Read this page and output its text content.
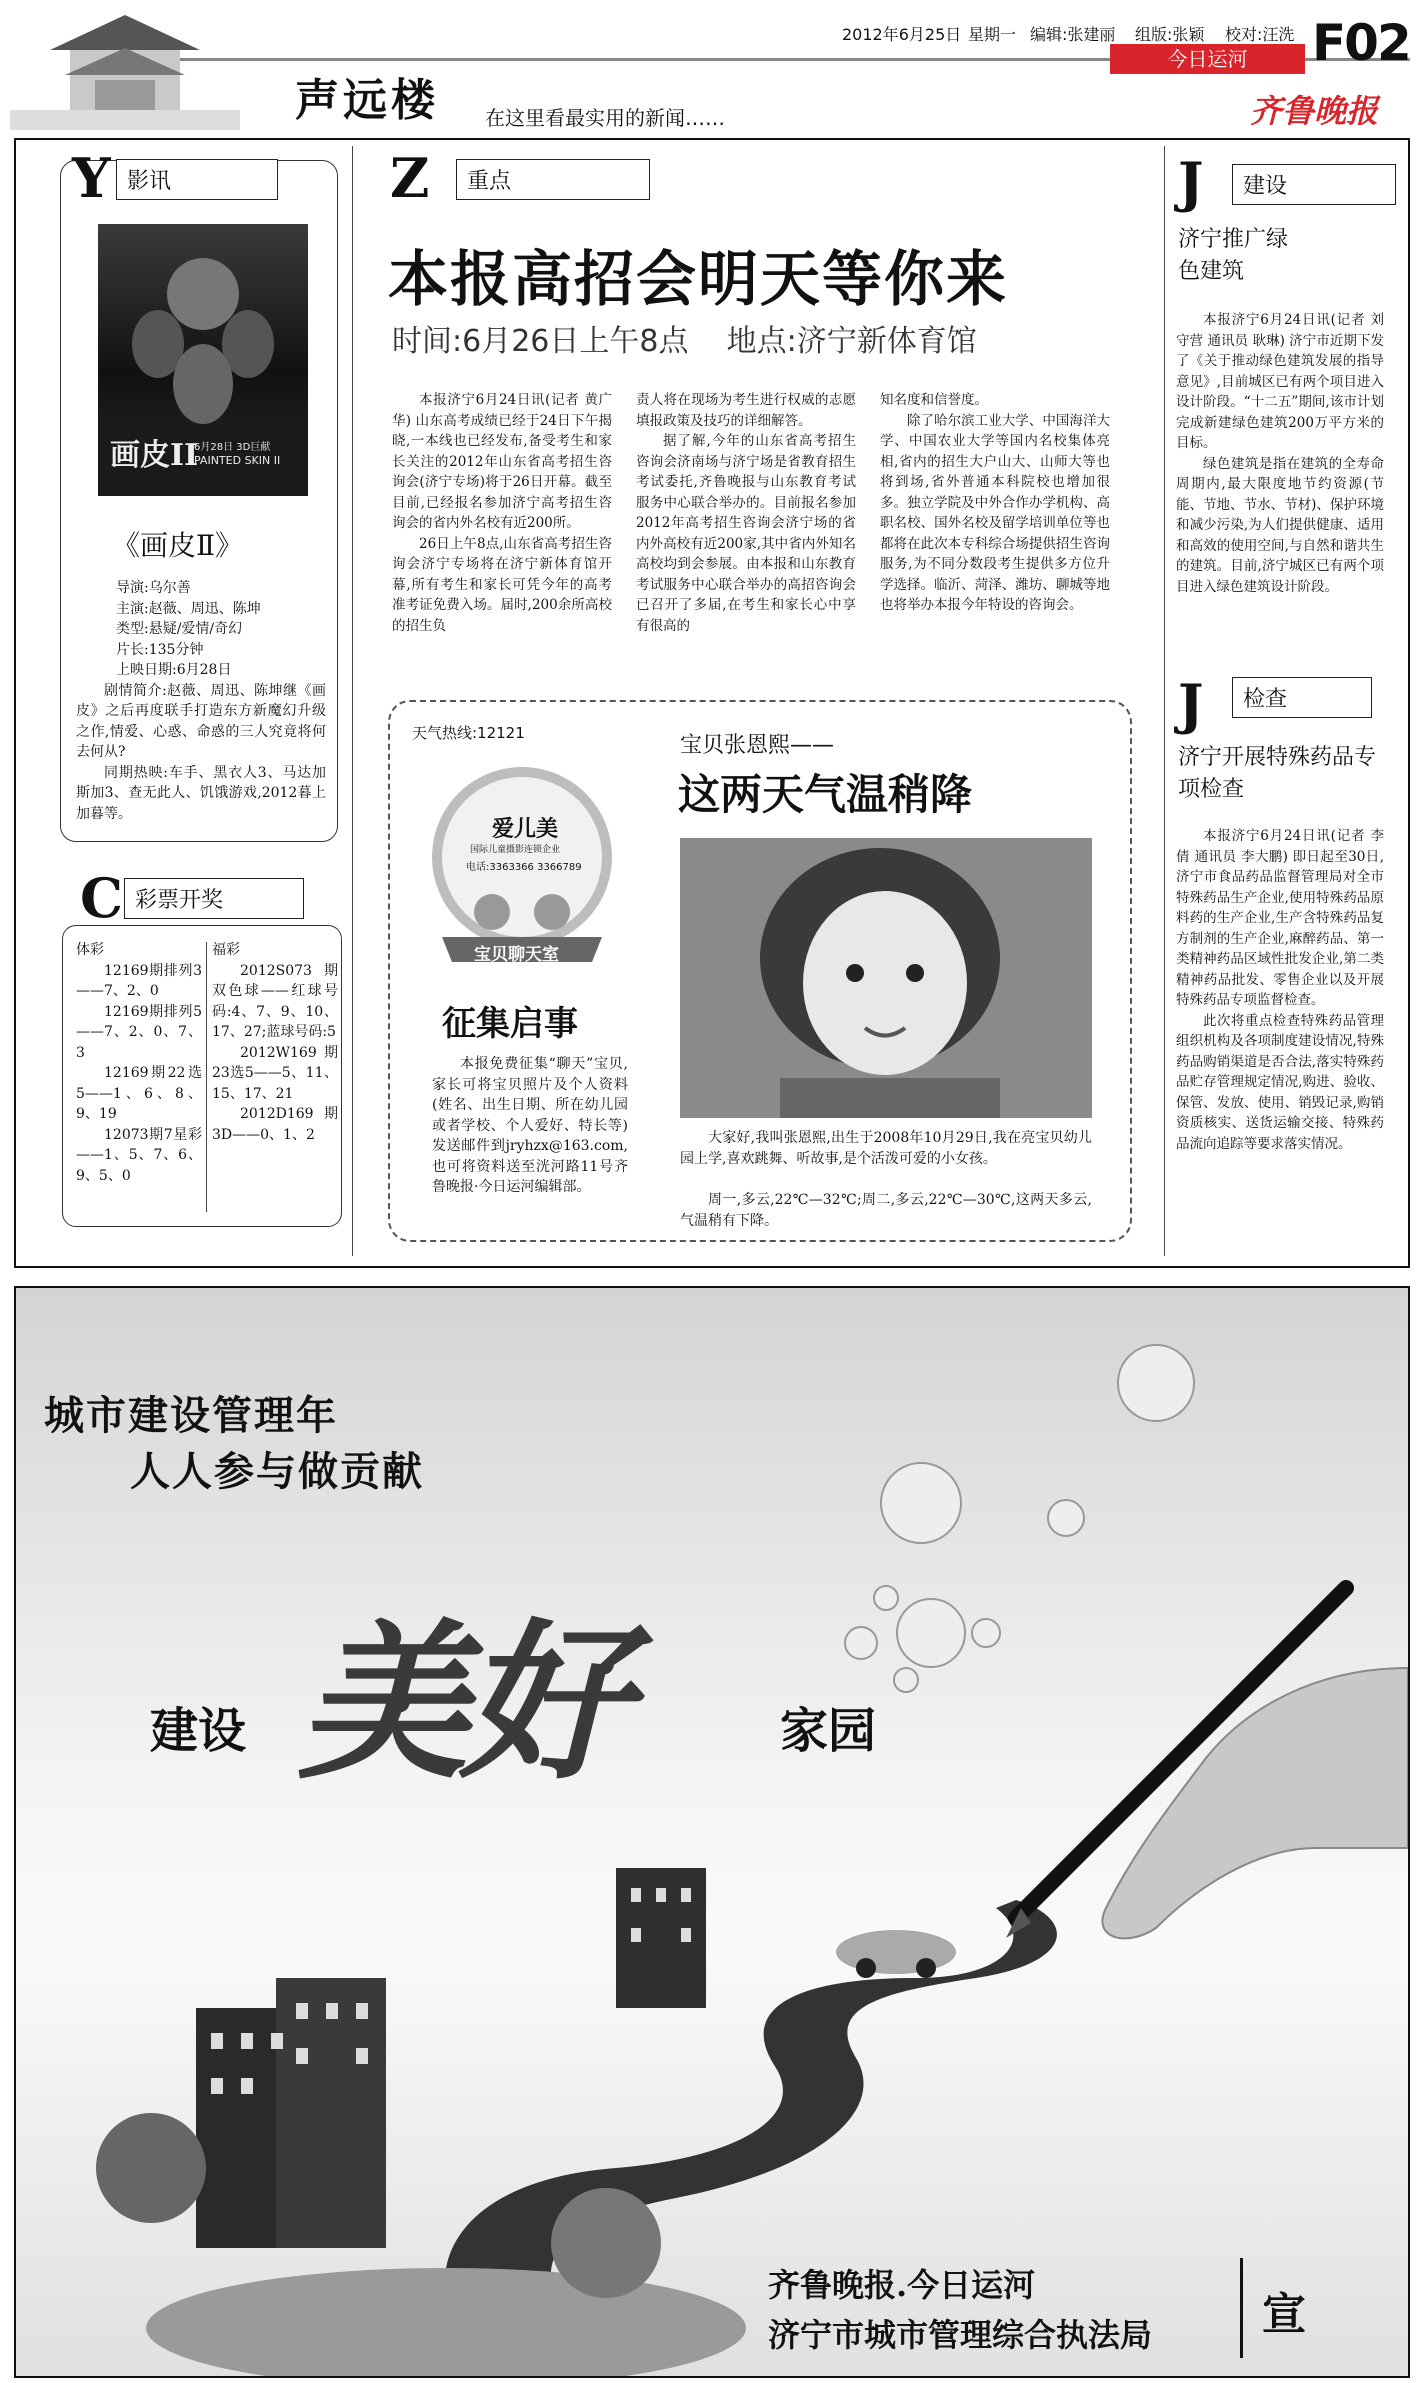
声远楼 在这里看最实用的新闻……
2012年6月25日 星期一 编辑:张建丽 组版:张颖 校对:汪洗
今日运河	F02
齐鲁晚报
Y 影讯
画皮II
PAINTED SKIN II
6月28日 3D巨献
《画皮Ⅱ》
导演:乌尔善
主演:赵薇、周迅、陈坤
类型:悬疑/爱情/奇幻
片长:135分钟
上映日期:6月28日
剧情简介:赵薇、周迅、陈坤继《画皮》之后再度联手打造东方新魔幻升级之作,情爱、心惑、命惑的三人究竟将何去何从?
同期热映:车手、黑衣人3、马达加斯加3、查无此人、饥饿游戏,2012暮上加暮等。
C 彩票开奖
体彩
12169期排列3——7、2、0
12169期排列5——7、2、0、7、3
12169期22选5——1、6、8、9、19
12073期7星彩——1、5、7、6、9、5、0
福彩
2012S073期双色球——红球号码:4、7、9、10、17、27;蓝球号码:5
2012W169期23选5——5、11、15、17、21
2012D169期3D——0、1、2
Z	重点
本报高招会明天等你来
时间:6月26日上午8点    地点:济宁新体育馆

本报济宁6月24日讯(记者 黄广华) 山东高考成绩已经于24日下午揭晓,一本线也已经发布,备受考生和家长关注的2012年山东省高考招生咨询会(济宁专场)将于26日开幕。截至目前,已经报名参加济宁高考招生咨询会的省内外名校有近200所。

26日上午8点,山东省高考招生咨询会济宁专场将在济宁新体育馆开幕,所有考生和家长可凭今年的高考准考证免费入场。届时,200余所高校的招生负

责人将在现场为考生进行权威的志愿填报政策及技巧的详细解答。

据了解,今年的山东省高考招生咨询会济南场与济宁场是省教育招生考试委托,齐鲁晚报与山东教育考试服务中心联合举办的。目前报名参加2012年高考招生咨询会济宁场的省内外高校有近200家,其中省内外知名高校均到会参展。由本报和山东教育考试服务中心联合举办的高招咨询会已召开了多届,在考生和家长心中享有很高的

知名度和信誉度。

除了哈尔滨工业大学、中国海洋大学、中国农业大学等国内名校集体亮相,省内的招生大户山大、山师大等也将到场,省外普通本科院校也增加很多。独立学院及中外合作办学机构、高职名校、国外名校及留学培训单位等也都将在此次本专科综合场提供招生咨询服务,为不同分数段考生提供多方位升学选择。临沂、菏泽、潍坊、聊城等地也将举办本报今年特设的咨询会。

天气热线:12121
爱儿美
国际儿童摄影连锁企业
电话:3363366 3366789
宝贝聊天室
征集启事
本报免费征集“聊天”宝贝,家长可将宝贝照片及个人资料(姓名、出生日期、所在幼儿园或者学校、个人爱好、特长等)发送邮件到jryhzx@163.com,也可将资料送至洸河路11号齐鲁晚报·今日运河编辑部。
宝贝张恩熙——
这两天气温稍降
大家好,我叫张恩熙,出生于2008年10月29日,我在亮宝贝幼儿园上学,喜欢跳舞、听故事,是个活泼可爱的小女孩。
周一,多云,22℃—32℃;周二,多云,22℃—30℃,这两天多云,气温稍有下降。
J	建设
济宁推广绿色建筑

本报济宁6月24日讯(记者 刘守营 通讯员 耿琳) 济宁市近期下发了《关于推动绿色建筑发展的指导意见》,目前城区已有两个项目进入设计阶段。“十二五”期间,该市计划完成新建绿色建筑200万平方米的目标。

绿色建筑是指在建筑的全寿命周期内,最大限度地节约资源(节能、节地、节水、节材)、保护环境和减少污染,为人们提供健康、适用和高效的使用空间,与自然和谐共生的建筑。目前,济宁城区已有两个项目进入绿色建筑设计阶段。

J	检查
济宁开展特殊药品专项检查

本报济宁6月24日讯(记者 李倩 通讯员 李大鹏) 即日起至30日,济宁市食品药品监督管理局对全市特殊药品生产企业,使用特殊药品原料药的生产企业,生产含特殊药品复方制剂的生产企业,麻醉药品、第一类精神药品区域性批发企业,第二类精神药品批发、零售企业以及开展特殊药品专项监督检查。

此次将重点检查特殊药品管理组织机构及各项制度建设情况,特殊药品购销渠道是否合法,落实特殊药品贮存管理规定情况,购进、验收、保管、发放、使用、销毁记录,购销资质核实、送货运输交接、特殊药品流向追踪等要求落实情况。

城市建设管理年
人人参与做贡献
建设 美好	家园
齐鲁晚报.今日运河
济宁市城市管理综合执法局 宣
